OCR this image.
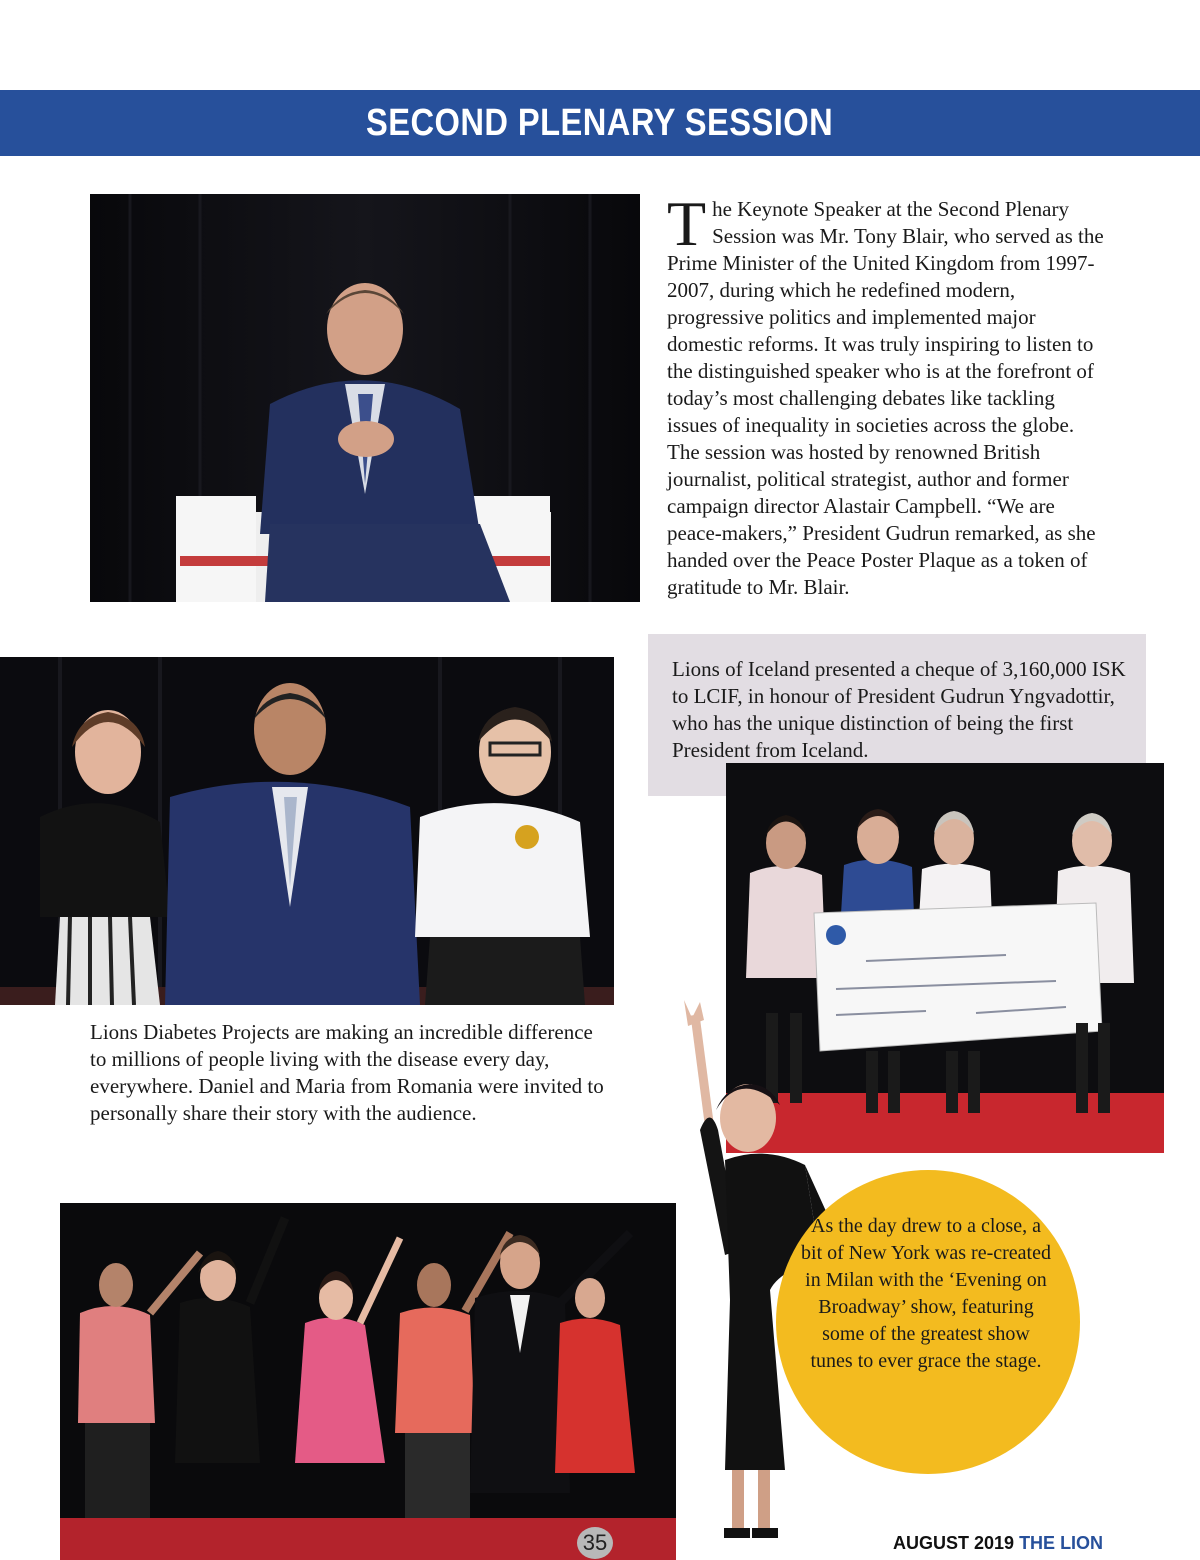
SECOND PLENARY SESSION
The Keynote Speaker at the Second Plenary Session was Mr. Tony Blair, who served as the Prime Minister of the United Kingdom from 1997-2007, during which he redefined modern, progressive politics and implemented major domestic reforms. It was truly inspiring to listen to the distinguished speaker who is at the forefront of today’s most challenging debates like tackling issues of inequality in societies across the globe. The session was hosted by renowned British journalist, political strategist, author and former campaign director Alastair Campbell. “We are peace-makers,” President Gudrun remarked, as she handed over the Peace Poster Plaque as a token of gratitude to Mr. Blair.
Lions of Iceland presented a cheque of 3,160,000 ISK to LCIF, in honour of President Gudrun Yngvadottir, who has the unique distinction of being the first President from Iceland.
Lions Diabetes Projects are making an incredible difference to millions of people living with the disease every day, everywhere. Daniel and Maria from Romania were invited to personally share their story with the audience.
As the day drew to a close, a bit of New York was re-created in Milan with the ‘Evening on Broadway’ show, featuring some of the greatest show tunes to ever grace the stage.
35	AUGUST 2019 THE LION
